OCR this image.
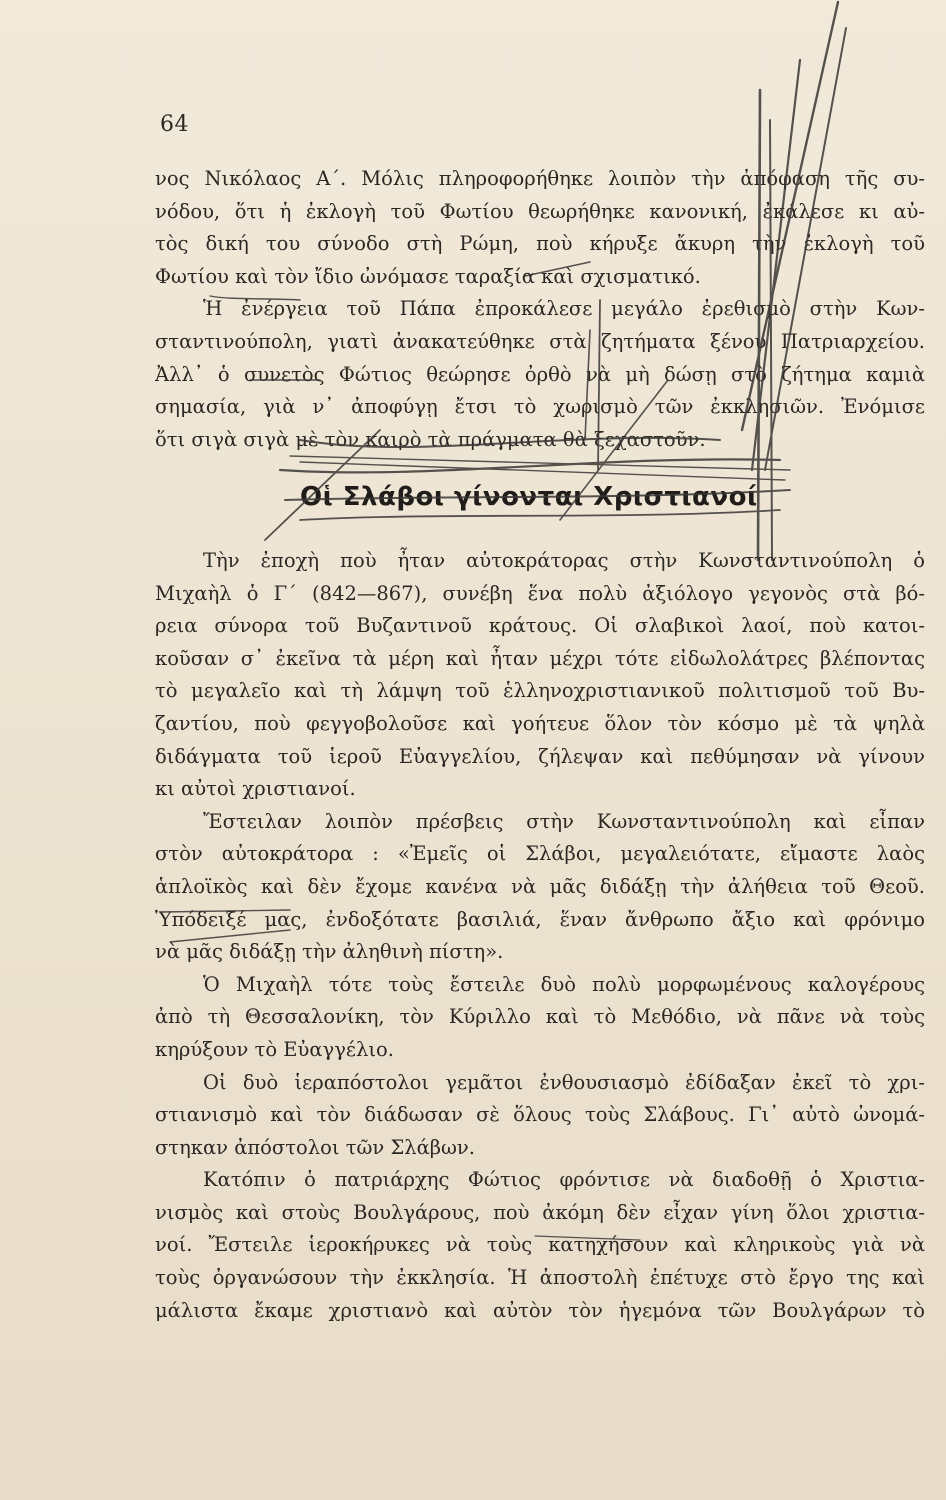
64

νος Νικόλαος Α΄. Μόλις πληροφορήθηκε λοιπὸν τὴν ἀπόφαση τῆς συ-
νόδου, ὅτι ἡ ἐκλογὴ τοῦ Φωτίου θεωρήθηκε κανονική, ἐκάλεσε κι αὐ-
τὸς δική του σύνοδο στὴ Ρώμη, ποὺ κήρυξε ἄκυρη τὴν ἐκλογὴ τοῦ
Φωτίου καὶ τὸν ἴδιο ὠνόμασε ταραξία καὶ σχισματικό.

Ἡ ἐνέργεια τοῦ Πάπα ἐπροκάλεσε μεγάλο ἐρεθισμὸ στὴν Κων-
σταντινούπολη, γιατὶ ἀνακατεύθηκε στὰ ζητήματα ξένου Πατριαρχείου.
Ἀλλ᾿ ὁ συνετὸς Φώτιος θεώρησε ὀρθὸ νὰ μὴ δώσῃ στὸ ζήτημα καμιὰ
σημασία, γιὰ ν᾿ ἀποφύγῃ ἔτσι τὸ χωρισμὸ τῶν ἐκκλησιῶν. Ἐνόμισε
ὅτι σιγὰ σιγὰ μὲ τὸν καιρὸ τὰ πράγματα θὰ ξεχαστοῦν.

Οἱ Σλάβοι γίνονται Χριστιανοί

Τὴν ἐποχὴ ποὺ ἦταν αὐτοκράτορας στὴν Κωνσταντινούπολη ὁ
Μιχαὴλ ὁ Γ΄ (842—867), συνέβη ἕνα πολὺ ἀξιόλογο γεγονὸς στὰ βό-
ρεια σύνορα τοῦ Βυζαντινοῦ κράτους. Οἱ σλαβικοὶ λαοί, ποὺ κατοι-
κοῦσαν σ᾿ ἐκεῖνα τὰ μέρη καὶ ἦταν μέχρι τότε εἰδωλολάτρες βλέποντας
τὸ μεγαλεῖο καὶ τὴ λάμψη τοῦ ἑλληνοχριστιανικοῦ πολιτισμοῦ τοῦ Βυ-
ζαντίου, ποὺ φεγγοβολοῦσε καὶ γοήτευε ὅλον τὸν κόσμο μὲ τὰ ψηλὰ
διδάγματα τοῦ ἱεροῦ Εὐαγγελίου, ζήλεψαν καὶ πεθύμησαν νὰ γίνουν
κι αὐτοὶ χριστιανοί.

Ἔστειλαν λοιπὸν πρέσβεις στὴν Κωνσταντινούπολη καὶ εἶπαν
στὸν αὐτοκράτορα : «Ἐμεῖς οἱ Σλάβοι, μεγαλειότατε, εἴμαστε λαὸς
ἁπλοϊκὸς καὶ δὲν ἔχομε κανένα νὰ μᾶς διδάξῃ τὴν ἀλήθεια τοῦ Θεοῦ.
Ὑπόδειξέ μας, ἐνδοξότατε βασιλιά, ἕναν ἄνθρωπο ἄξιο καὶ φρόνιμο
νὰ μᾶς διδάξῃ τὴν ἀληθινὴ πίστη».

Ὁ Μιχαὴλ τότε τοὺς ἔστειλε δυὸ πολὺ μορφωμένους καλογέρους
ἀπὸ τὴ Θεσσαλονίκη, τὸν Κύριλλο καὶ τὸ Μεθόδιο, νὰ πᾶνε νὰ τοὺς
κηρύξουν τὸ Εὐαγγέλιο.

Οἱ δυὸ ἱεραπόστολοι γεμᾶτοι ἐνθουσιασμὸ ἐδίδαξαν ἐκεῖ τὸ χρι-
στιανισμὸ καὶ τὸν διάδωσαν σὲ ὅλους τοὺς Σλάβους. Γι᾿ αὐτὸ ὠνομά-
στηκαν ἀπόστολοι τῶν Σλάβων.

Κατόπιν ὁ πατριάρχης Φώτιος φρόντισε νὰ διαδοθῇ ὁ Χριστια-
νισμὸς καὶ στοὺς Βουλγάρους, ποὺ ἀκόμη δὲν εἶχαν γίνη ὅλοι χριστια-
νοί. Ἔστειλε ἱεροκήρυκες νὰ τοὺς κατηχήσουν καὶ κληρικοὺς γιὰ νὰ
τοὺς ὀργανώσουν τὴν ἐκκλησία. Ἡ ἀποστολὴ ἐπέτυχε στὸ ἔργο της καὶ
μάλιστα ἔκαμε χριστιανὸ καὶ αὐτὸν τὸν ἡγεμόνα τῶν Βουλγάρων τὸ
